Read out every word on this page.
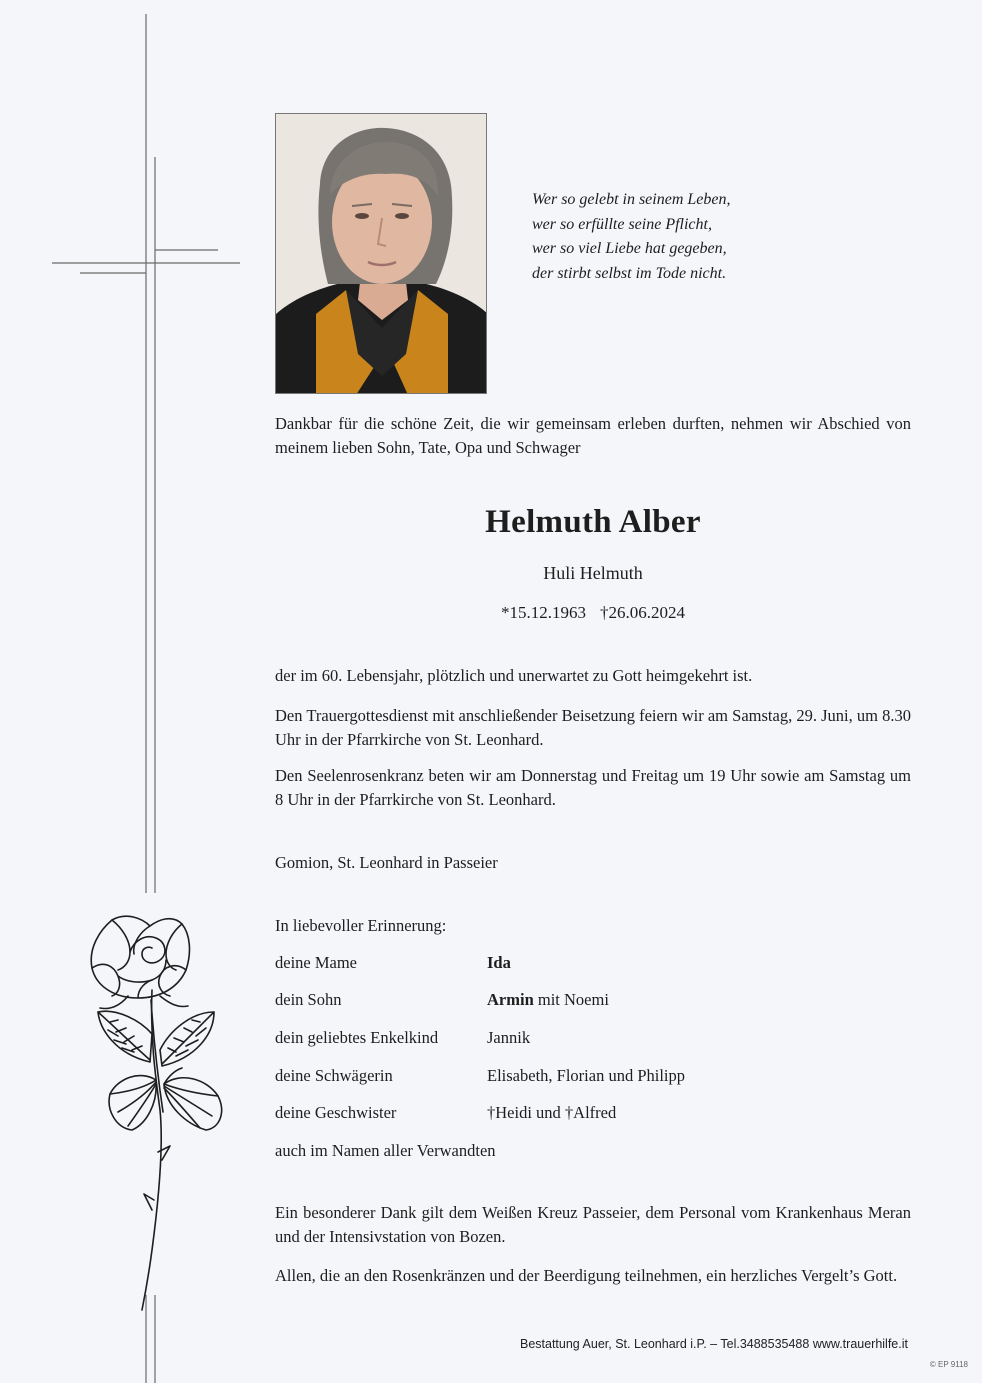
Wer so gelebt in seinem Leben,
wer so erfüllte seine Pflicht,
wer so viel Liebe hat gegeben,
der stirbt selbst im Tode nicht.
Dankbar für die schöne Zeit, die wir gemeinsam erleben durften, nehmen wir Abschied von meinem lieben Sohn, Tate, Opa und Schwager
Helmuth Alber
Huli Helmuth
*15.12.1963 †26.06.2024
der im 60. Lebensjahr, plötzlich und unerwartet zu Gott heimgekehrt ist.
Den Trauergottesdienst mit anschließender Beisetzung feiern wir am Samstag, 29. Juni, um 8.30 Uhr in der Pfarrkirche von St. Leonhard.
Den Seelenrosenkranz beten wir am Donnerstag und Freitag um 19 Uhr sowie am Samstag um 8 Uhr in der Pfarrkirche von St. Leonhard.
Gomion, St. Leonhard in Passeier
In liebevoller Erinnerung:
deine Mame	Ida
dein Sohn	Armin mit Noemi
dein geliebtes Enkelkind	Jannik
deine Schwägerin	Elisabeth, Florian und Philipp
deine Geschwister	†Heidi und †Alfred
auch im Namen aller Verwandten
Ein besonderer Dank gilt dem Weißen Kreuz Passeier, dem Personal vom Krankenhaus Meran und der Intensivstation von Bozen.
Allen, die an den Rosenkränzen und der Beerdigung teilnehmen, ein herzliches Vergelt’s Gott.
Bestattung Auer, St. Leonhard i.P. – Tel.3488535488 www.trauerhilfe.it
© EP 9118
